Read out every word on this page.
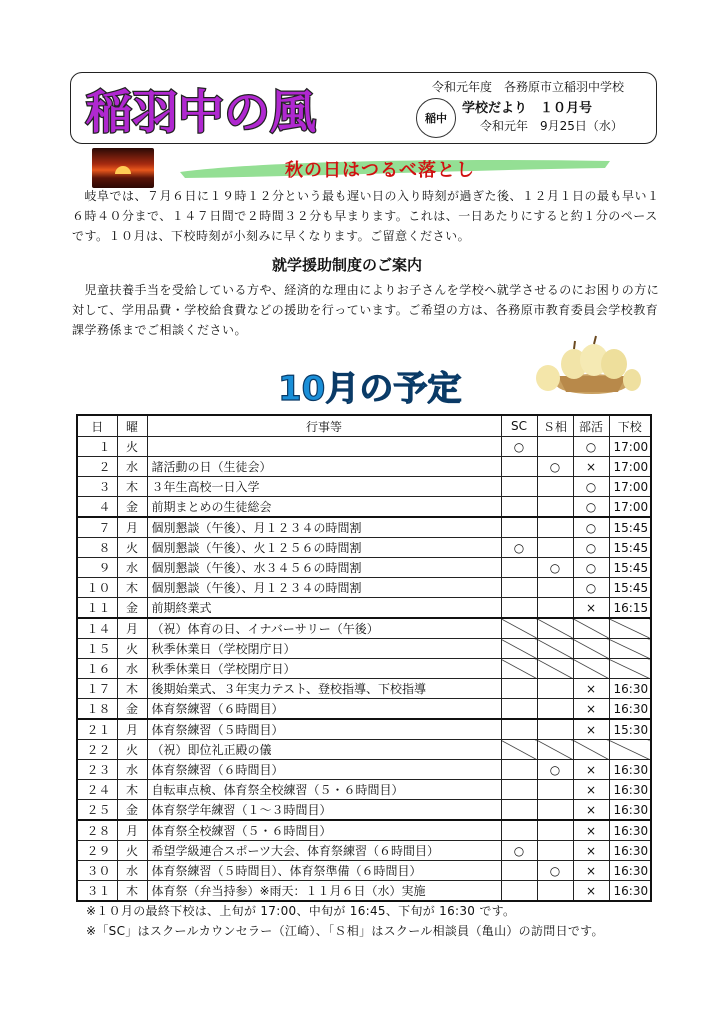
稲羽中の風	稲中
令和元年度　各務原市立稲羽中学校
学校だより　１０月号
令和元年　9月25日（水）
秋の日はつるべ落とし
　岐阜では、７月６日に１９時１２分という最も遅い日の入り時刻が過ぎた後、１２月１日の最も早い１６時４０分まで、１４７日間で２時間３２分も早まります。これは、一日あたりにすると約１分のペースです。１０月は、下校時刻が小刻みに早くなります。ご留意ください。
就学援助制度のご案内
　児童扶養手当を受給している方や、経済的な理由によりお子さんを学校へ就学させるのにお困りの方に対して、学用品費・学校給食費などの援助を行っています。ご希望の方は、各務原市教育委員会学校教育課学務係までご相談ください。
10月の予定
日	曜	行事等	SC	Ｓ相	部活	下校
１	火		○		○	17:00
２	水	諸活動の日（生徒会）		○	×	17:00
３	木	３年生高校一日入学			○	17:00
４	金	前期まとめの生徒総会			○	17:00
７	月	個別懇談（午後）、月１２３４の時間割			○	15:45
８	火	個別懇談（午後）、火１２５６の時間割	○		○	15:45
９	水	個別懇談（午後）、水３４５６の時間割		○	○	15:45
１０	木	個別懇談（午後）、月１２３４の時間割			○	15:45
１１	金	前期終業式			×	16:15
１４	月	（祝）体育の日、イナバーサリー（午後）				
１５	火	秋季休業日（学校閉庁日）				
１６	水	秋季休業日（学校閉庁日）				
１７	木	後期始業式、３年実力テスト、登校指導、下校指導			×	16:30
１８	金	体育祭練習（６時間目）			×	16:30
２１	月	体育祭練習（５時間目）			×	15:30
２２	火	（祝）即位礼正殿の儀				
２３	水	体育祭練習（６時間目）		○	×	16:30
２４	木	自転車点検、体育祭全校練習（５・６時間目）			×	16:30
２５	金	体育祭学年練習（１～３時間目）			×	16:30
２８	月	体育祭全校練習（５・６時間目）			×	16:30
２９	火	希望学級連合スポーツ大会、体育祭練習（６時間目）	○		×	16:30
３０	水	体育祭練習（５時間目）、体育祭準備（６時間目）		○	×	16:30
３１	木	体育祭（弁当持参）※雨天：１１月６日（水）実施			×	16:30
※１０月の最終下校は、上旬が 17:00、中旬が 16:45、下旬が 16:30 です。
※「SC」はスクールカウンセラー（江崎）、「Ｓ相」はスクール相談員（亀山）の訪問日です。
